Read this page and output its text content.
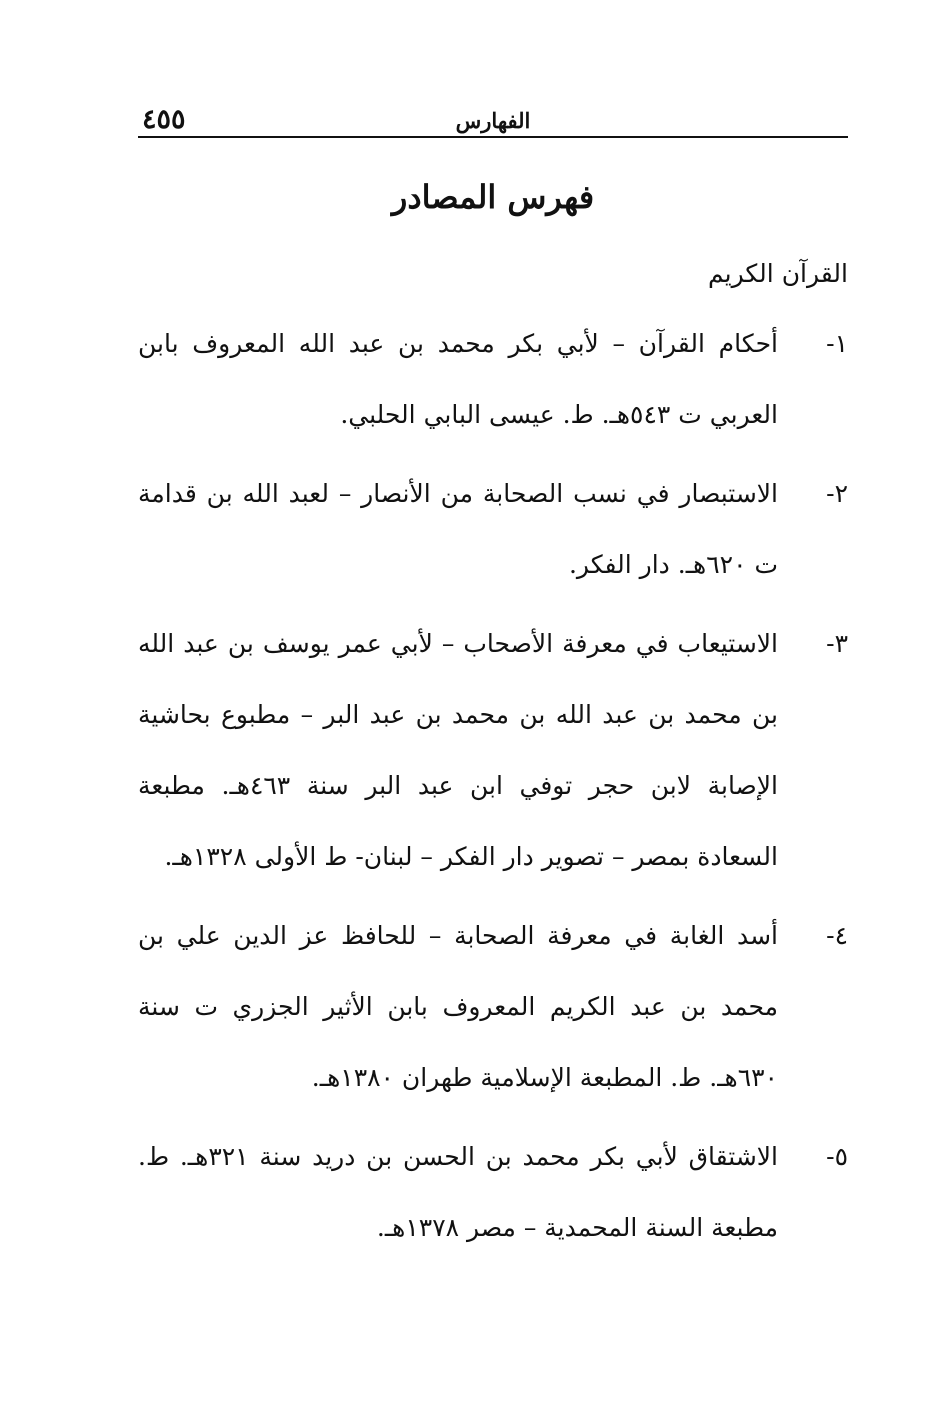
الفهارس
٤٥٥
فهرس المصادر
القرآن الكريم
١-
أحكام القرآن – لأبي بكر محمد بن عبد الله المعروف بابن العربي ت ٥٤٣هـ. ط. عيسى البابي الحلبي.
٢-
الاستبصار في نسب الصحابة من الأنصار – لعبد الله بن قدامة ت ٦٢٠هـ. دار الفكر.
٣-
الاستيعاب في معرفة الأصحاب – لأبي عمر يوسف بن عبد الله بن محمد بن عبد الله بن محمد بن عبد البر – مطبوع بحاشية الإصابة لابن حجر توفي ابن عبد البر سنة ٤٦٣هـ. مطبعة السعادة بمصر – تصوير دار الفكر – لبنان- ط الأولى ١٣٢٨هـ.
٤-
أسد الغابة في معرفة الصحابة – للحافظ عز الدين علي بن محمد بن عبد الكريم المعروف بابن الأثير الجزري ت سنة ٦٣٠هـ. ط. المطبعة الإسلامية طهران ١٣٨٠هـ.
٥-
الاشتقاق لأبي بكر محمد بن الحسن بن دريد سنة ٣٢١هـ. ط. مطبعة السنة المحمدية – مصر ١٣٧٨هـ.
